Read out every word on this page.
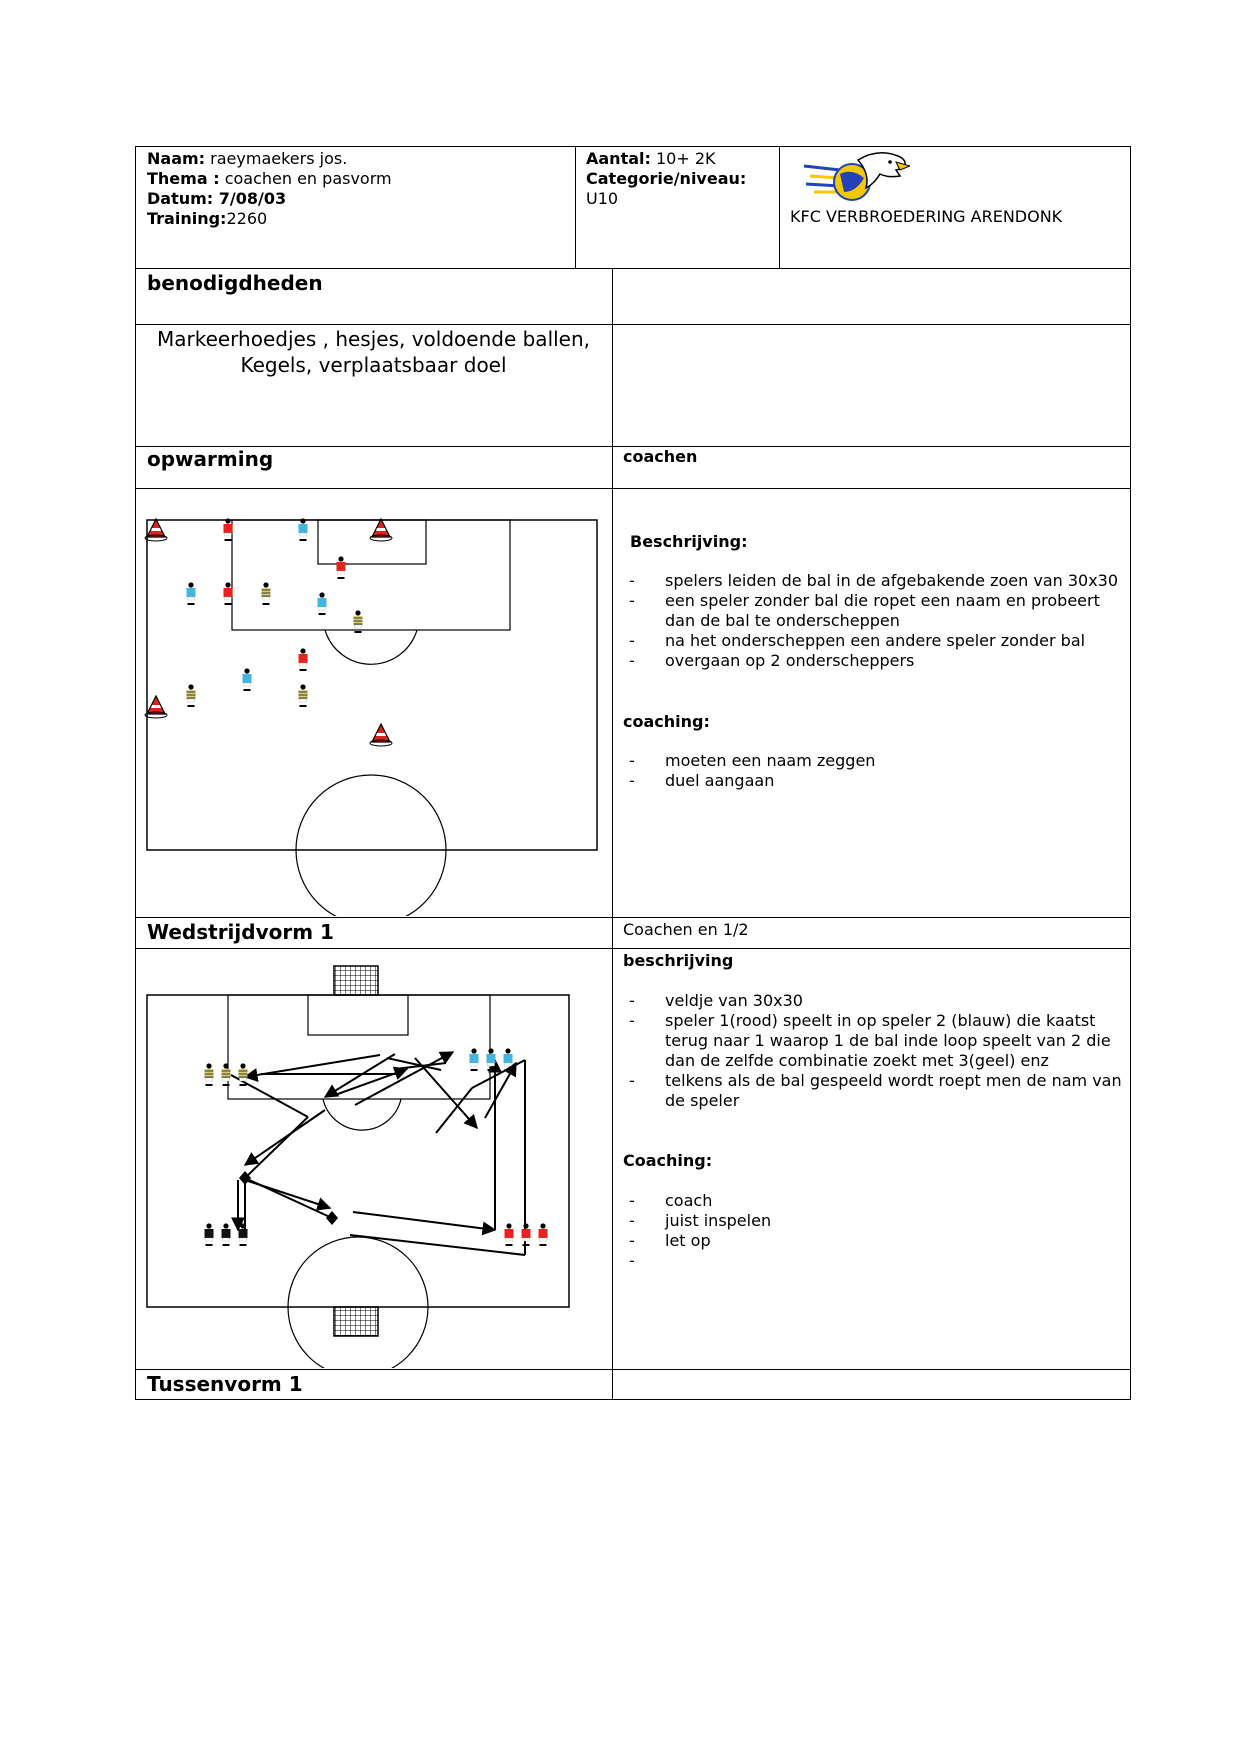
Naam: raeymaekers jos.
Thema : coachen en pasvorm
Datum: 7/08/03
Training:2260
Aantal: 10+ 2K
Categorie/niveau:
U10
KFC VERBROEDERING ARENDONK
benodigdheden
Markeerhoedjes , hesjes, voldoende ballen,
Kegels, verplaatsbaar doel
opwarming	coachen
Beschrijving:
- spelers leiden de bal in de afgebakende zoen van 30x30
- een speler zonder bal die ropet een naam en probeert dan de bal te onderscheppen
- na het onderscheppen een andere speler zonder bal
- overgaan op 2 onderscheppers
coaching:
- moeten een naam zeggen
- duel aangaan
Wedstrijdvorm 1	Coachen en 1/2
beschrijving
- veldje van 30x30
- speler 1(rood) speelt in op speler 2 (blauw) die kaatst terug naar 1 waarop 1 de bal inde loop speelt van 2 die dan de zelfde combinatie zoekt met 3(geel) enz
- telkens als de bal gespeeld wordt roept men de nam van de speler
Coaching:
- coach
- juist inspelen
- let op
Tussenvorm 1
